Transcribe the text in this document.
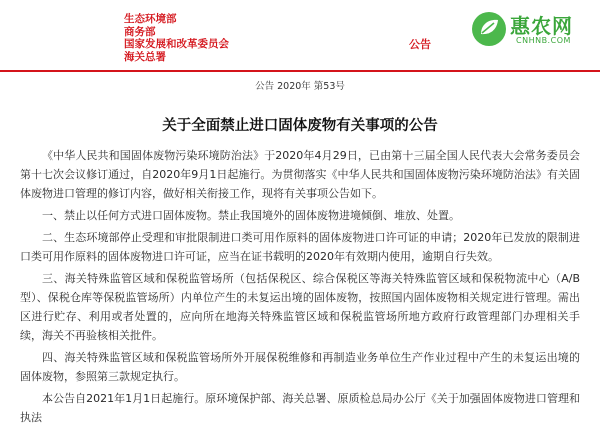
生态环境部
商务部
国家发展和改革委员会
海关总署
公告
惠农网
CNHNB.COM
公告 2020年 第53号
关于全面禁止进口固体废物有关事项的公告

《中华人民共和国固体废物污染环境防治法》于2020年4月29日，已由第十三届全国人民代表大会常务委员会第十七次会议修订通过，自2020年9月1日起施行。为贯彻落实《中华人民共和国固体废物污染环境防治法》有关固体废物进口管理的修订内容，做好相关衔接工作，现将有关事项公告如下。

一、禁止以任何方式进口固体废物。禁止我国境外的固体废物进境倾倒、堆放、处置。

二、生态环境部停止受理和审批限制进口类可用作原料的固体废物进口许可证的申请；2020年已发放的限制进口类可用作原料的固体废物进口许可证，应当在证书载明的2020年有效期内使用，逾期自行失效。

三、海关特殊监管区域和保税监管场所（包括保税区、综合保税区等海关特殊监管区域和保税物流中心（A/B型）、保税仓库等保税监管场所）内单位产生的未复运出境的固体废物，按照国内固体废物相关规定进行管理。需出区进行贮存、利用或者处置的，应向所在地海关特殊监管区域和保税监管场所地方政府行政管理部门办理相关手续，海关不再验核相关批件。

四、海关特殊监管区域和保税监管场所外开展保税维修和再制造业务单位生产作业过程中产生的未复运出境的固体废物，参照第三款规定执行。

本公告自2021年1月1日起施行。原环境保护部、海关总署、原质检总局办公厅《关于加强固体废物进口管理和执法
